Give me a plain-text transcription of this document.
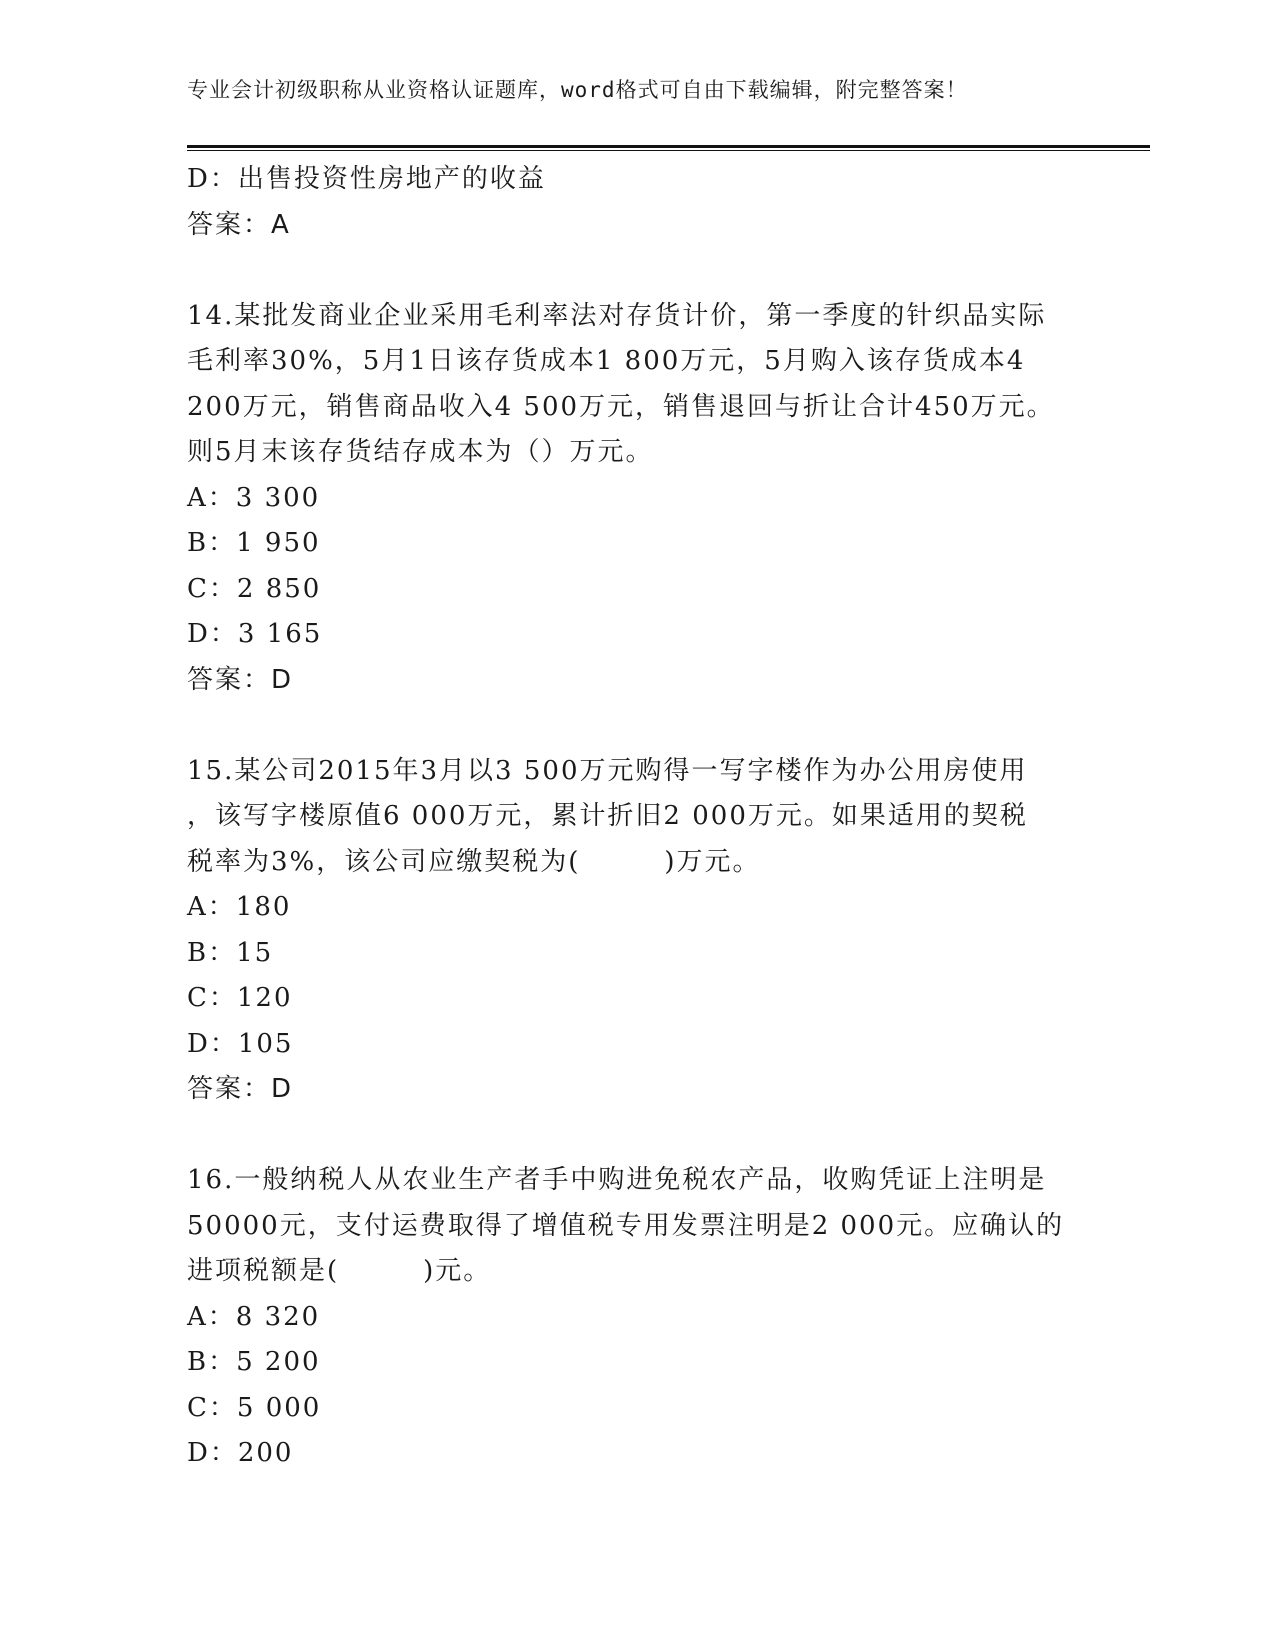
专业会计初级职称从业资格认证题库，word格式可自由下载编辑，附完整答案！
D：出售投资性房地产的收益
答案：A
14.某批发商业企业采用毛利率法对存货计价，第一季度的针织品实际
毛利率30%，5月1日该存货成本1 800万元，5月购入该存货成本4
200万元，销售商品收入4 500万元，销售退回与折让合计450万元。
则5月末该存货结存成本为（）万元。
A：3 300
B：1 950
C：2 850
D：3 165
答案：D
15.某公司2015年3月以3 500万元购得一写字楼作为办公用房使用
，该写字楼原值6 000万元，累计折旧2 000万元。如果适用的契税
税率为3%，该公司应缴契税为(　　　)万元。
A：180
B：15
C：120
D：105
答案：D
16.一般纳税人从农业生产者手中购进免税农产品，收购凭证上注明是
50000元，支付运费取得了增值税专用发票注明是2 000元。应确认的
进项税额是(　　　)元。
A：8 320
B：5 200
C：5 000
D：200
